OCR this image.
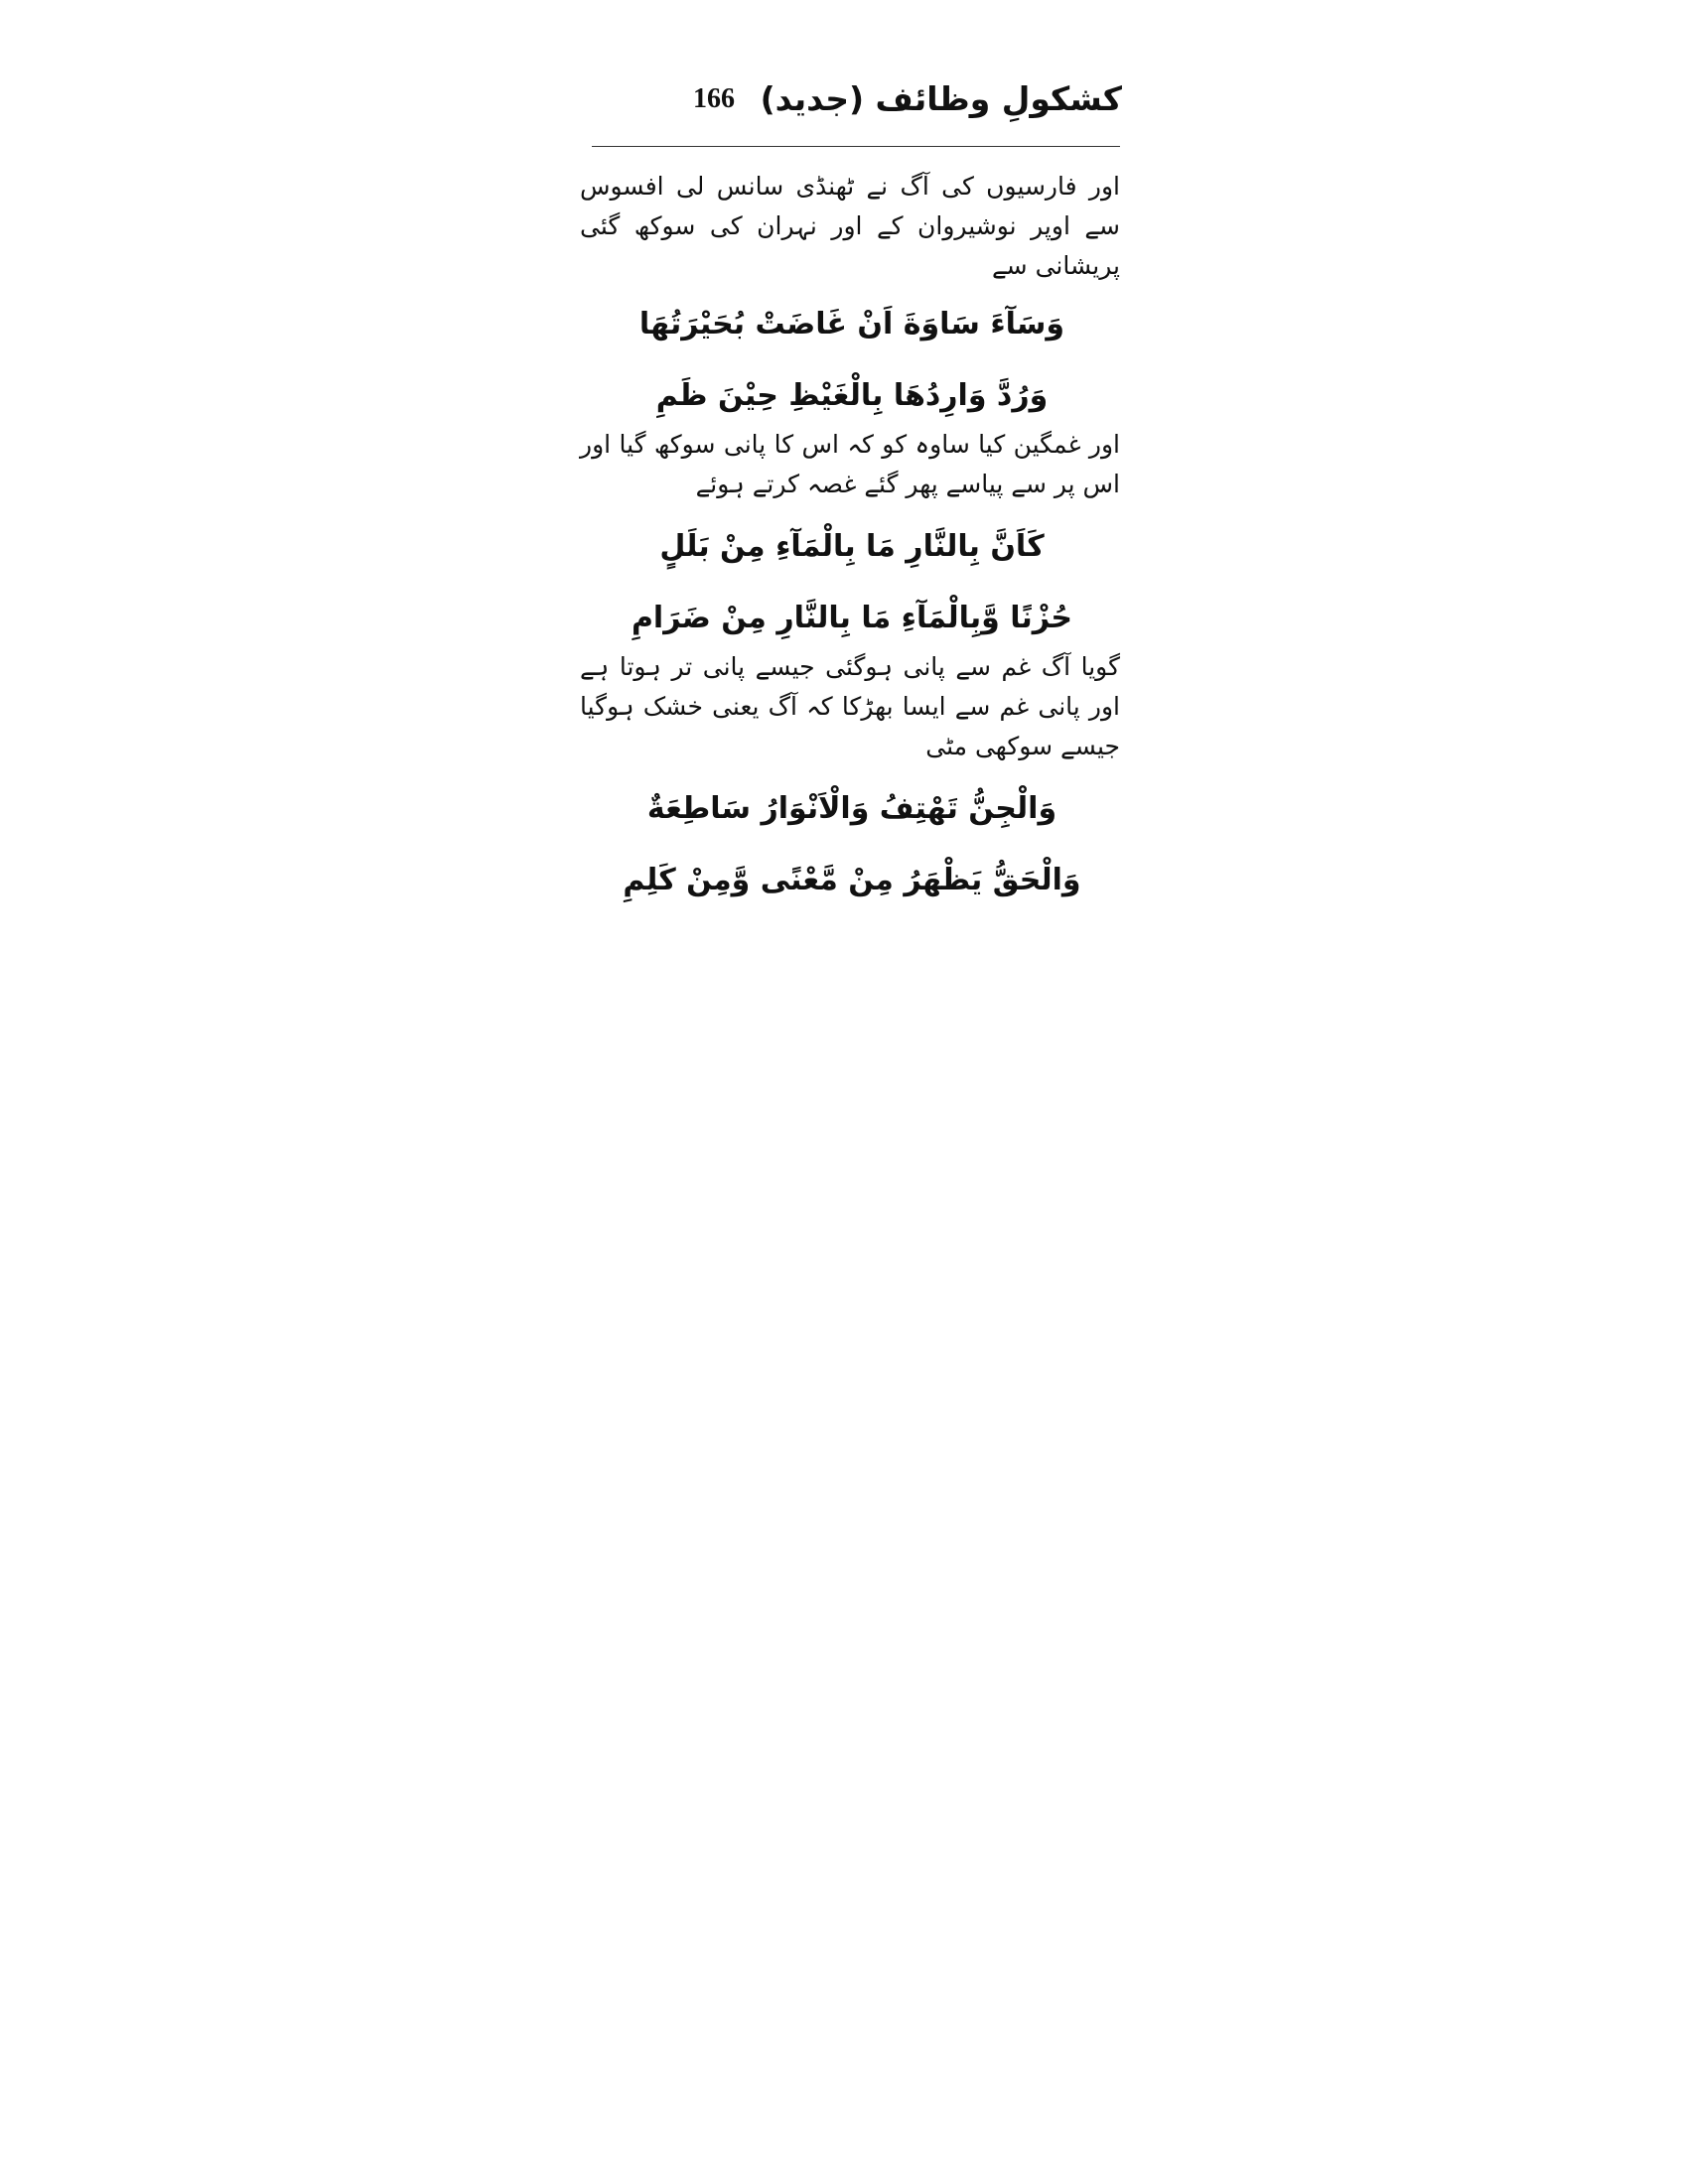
کشکولِ وظائف (جدید)
166

اور فارسیوں کی آگ نے ٹھنڈی سانس لی افسوس سے اوپر نوشیروان کے اور نہران کی سوکھ گئی پریشانی سے

وَسَآءَ سَاوَةَ اَنْ غَاضَتْ بُحَيْرَتُهَا

وَرُدَّ وَارِدُهَا بِالْغَيْظِ حِيْنَ ظَمِ

اور غمگین کیا ساوہ کو کہ اس کا پانی سوکھ گیا اور اس پر سے پیاسے پھر گئے غصہ کرتے ہوئے

كَاَنَّ بِالنَّارِ مَا بِالْمَآءِ مِنْ بَلَلٍ

حُزْنًا وَّبِالْمَآءِ مَا بِالنَّارِ مِنْ ضَرَامِ

گویا آگ غم سے پانی ہوگئی جیسے پانی تر ہوتا ہے اور پانی غم سے ایسا بھڑکا کہ آگ یعنی خشک ہوگیا جیسے سوکھی مٹی

وَالْجِنُّ تَهْتِفُ وَالْاَنْوَارُ سَاطِعَةٌ

وَالْحَقُّ يَظْهَرُ مِنْ مَّعْنًى وَّمِنْ كَلِمِ
